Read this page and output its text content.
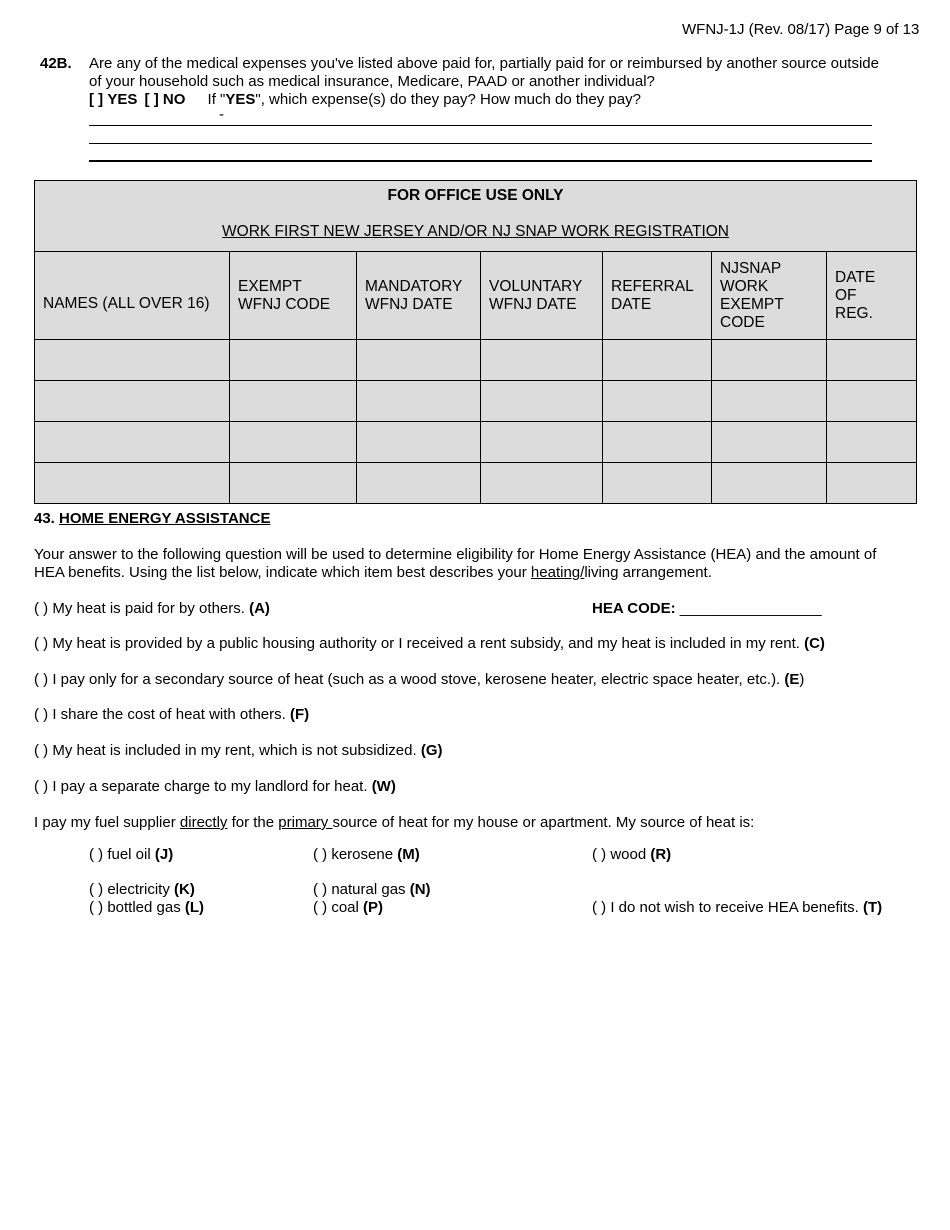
WFNJ-1J (Rev. 08/17) Page 9 of 13
42B. Are any of the medical expenses you've listed above paid for, partially paid for or reimbursed by another source outside
of your household such as medical insurance, Medicare, PAAD or another individual?
[ ] YES [ ] NO If "YES", which expense(s) do they pay? How much do they pay?
-
FOR OFFICE USE ONLY
WORK FIRST NEW JERSEY AND/OR NJ SNAP WORK REGISTRATION						

NAMES (ALL OVER 16)	EXEMPT WFNJ CODE	MANDATORY WFNJ DATE	VOLUNTARY WFNJ DATE	REFERRAL DATE	NJSNAP WORK EXEMPT CODE	DATE OF REG.

43. HOME ENERGY ASSISTANCE
Your answer to the following question will be used to determine eligibility for Home Energy Assistance (HEA) and the amount of
HEA benefits. Using the list below, indicate which item best describes your heating/living arrangement.
( ) My heat is paid for by others. (A)	HEA CODE: _________________
( ) My heat is provided by a public housing authority or I received a rent subsidy, and my heat is included in my rent. (C)
( ) I pay only for a secondary source of heat (such as a wood stove, kerosene heater, electric space heater, etc.). (E)
( ) I share the cost of heat with others. (F)
( ) My heat is included in my rent, which is not subsidized. (G)
( ) I pay a separate charge to my landlord for heat. (W)
I pay my fuel supplier directly for the primary source of heat for my house or apartment. My source of heat is:
( ) fuel oil (J)	( ) kerosene (M)	( ) wood (R)
( ) electricity (K)	( ) natural gas (N)
( ) bottled gas (L)	( ) coal (P)	( ) I do not wish to receive HEA benefits. (T)
